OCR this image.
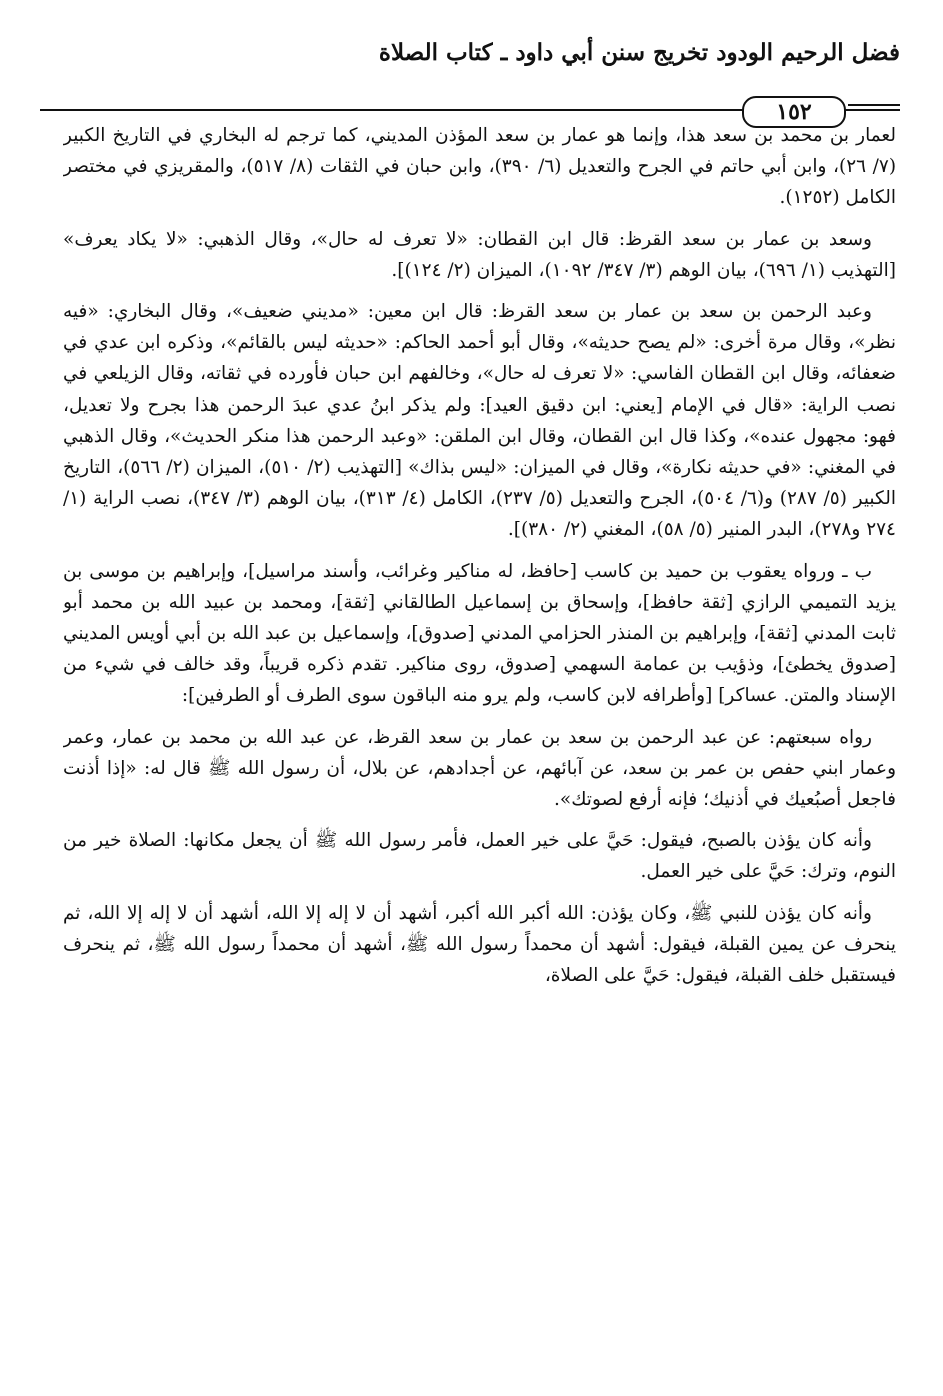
فضل الرحيم الودود تخريج سنن أبي داود ـ كتاب الصلاة
١٥٢

لعمار بن محمد بن سعد هذا، وإنما هو عمار بن سعد المؤذن المديني، كما ترجم له البخاري في التاريخ الكبير (٧/ ٢٦)، وابن أبي حاتم في الجرح والتعديل (٦/ ٣٩٠)، وابن حبان في الثقات (٨/ ٥١٧)، والمقريزي في مختصر الكامل (١٢٥٢).

وسعد بن عمار بن سعد القرظ: قال ابن القطان: «لا تعرف له حال»، وقال الذهبي: «لا يكاد يعرف» [التهذيب (١/ ٦٩٦)، بيان الوهم (٣/ ٣٤٧/ ١٠٩٢)، الميزان (٢/ ١٢٤)].

وعبد الرحمن بن سعد بن عمار بن سعد القرظ: قال ابن معين: «مديني ضعيف»، وقال البخاري: «فيه نظر»، وقال مرة أخرى: «لم يصح حديثه»، وقال أبو أحمد الحاكم: «حديثه ليس بالقائم»، وذكره ابن عدي في ضعفائه، وقال ابن القطان الفاسي: «لا تعرف له حال»، وخالفهم ابن حبان فأورده في ثقاته، وقال الزيلعي في نصب الراية: «قال في الإمام [يعني: ابن دقيق العيد]: ولم يذكر ابنُ عدي عبدَ الرحمن هذا بجرح ولا تعديل، فهو: مجهول عنده»، وكذا قال ابن القطان، وقال ابن الملقن: «وعبد الرحمن هذا منكر الحديث»، وقال الذهبي في المغني: «في حديثه نكارة»، وقال في الميزان: «ليس بذاك» [التهذيب (٢/ ٥١٠)، الميزان (٢/ ٥٦٦)، التاريخ الكبير (٥/ ٢٨٧) و(٦/ ٥٠٤)، الجرح والتعديل (٥/ ٢٣٧)، الكامل (٤/ ٣١٣)، بيان الوهم (٣/ ٣٤٧)، نصب الراية (١/ ٢٧٤ و٢٧٨)، البدر المنير (٥/ ٥٨)، المغني (٢/ ٣٨٠)].

ب ـ ورواه يعقوب بن حميد بن كاسب [حافظ، له مناكير وغرائب، وأسند مراسيل]، وإبراهيم بن موسى بن يزيد التميمي الرازي [ثقة حافظ]، وإسحاق بن إسماعيل الطالقاني [ثقة]، ومحمد بن عبيد الله بن محمد أبو ثابت المدني [ثقة]، وإبراهيم بن المنذر الحزامي المدني [صدوق]، وإسماعيل بن عبد الله بن أبي أويس المديني [صدوق يخطئ]، وذؤيب بن عمامة السهمي [صدوق، روى مناكير. تقدم ذكره قريباً، وقد خالف في شيء من الإسناد والمتن. عساكر] [وأطرافه لابن كاسب، ولم يرو منه الباقون سوى الطرف أو الطرفين]:

رواه سبعتهم: عن عبد الرحمن بن سعد بن عمار بن سعد القرظ، عن عبد الله بن محمد بن عمار، وعمر وعمار ابني حفص بن عمر بن سعد، عن آبائهم، عن أجدادهم، عن بلال، أن رسول الله ﷺ قال له: «إذا أذنت فاجعل أصبُعيك في أذنيك؛ فإنه أرفع لصوتك».

وأنه كان يؤذن بالصبح، فيقول: حَيَّ على خير العمل، فأمر رسول الله ﷺ أن يجعل مكانها: الصلاة خير من النوم، وترك: حَيَّ على خير العمل.

وأنه كان يؤذن للنبي ﷺ، وكان يؤذن: الله أكبر الله أكبر، أشهد أن لا إله إلا الله، أشهد أن لا إله إلا الله، ثم ينحرف عن يمين القبلة، فيقول: أشهد أن محمداً رسول الله ﷺ، أشهد أن محمداً رسول الله ﷺ، ثم ينحرف فيستقبل خلف القبلة، فيقول: حَيَّ على الصلاة،
